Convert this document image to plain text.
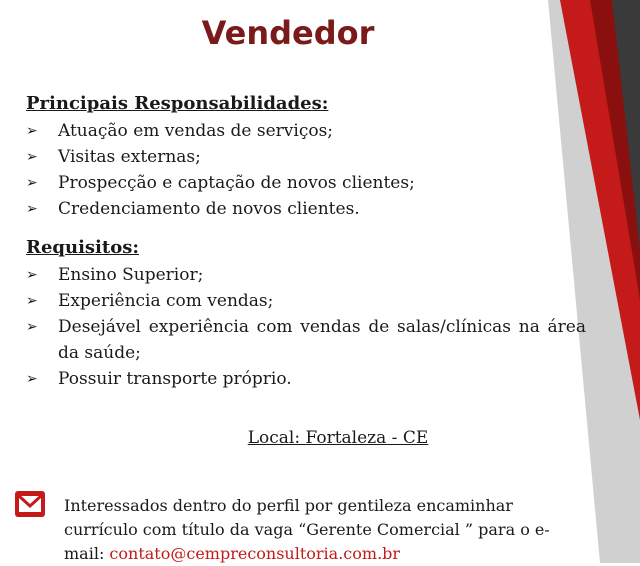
Vendedor

Principais Responsabilidades:

➢ Atuação em vendas de serviços;
➢ Visitas externas;
➢ Prospecção e captação de novos clientes;
➢ Credenciamento de novos clientes.

Requisitos:

➢ Ensino Superior;
➢ Experiência com vendas;
➢ Desejável experiência com vendas de salas/clínicas na área da saúde;
➢ Possuir transporte próprio.
Local: Fortaleza - CE

Interessados dentro do perfil por gentileza encaminhar currículo com título da vaga “Gerente Comercial ” para o e-mail: contato@cempreconsultoria.com.br
